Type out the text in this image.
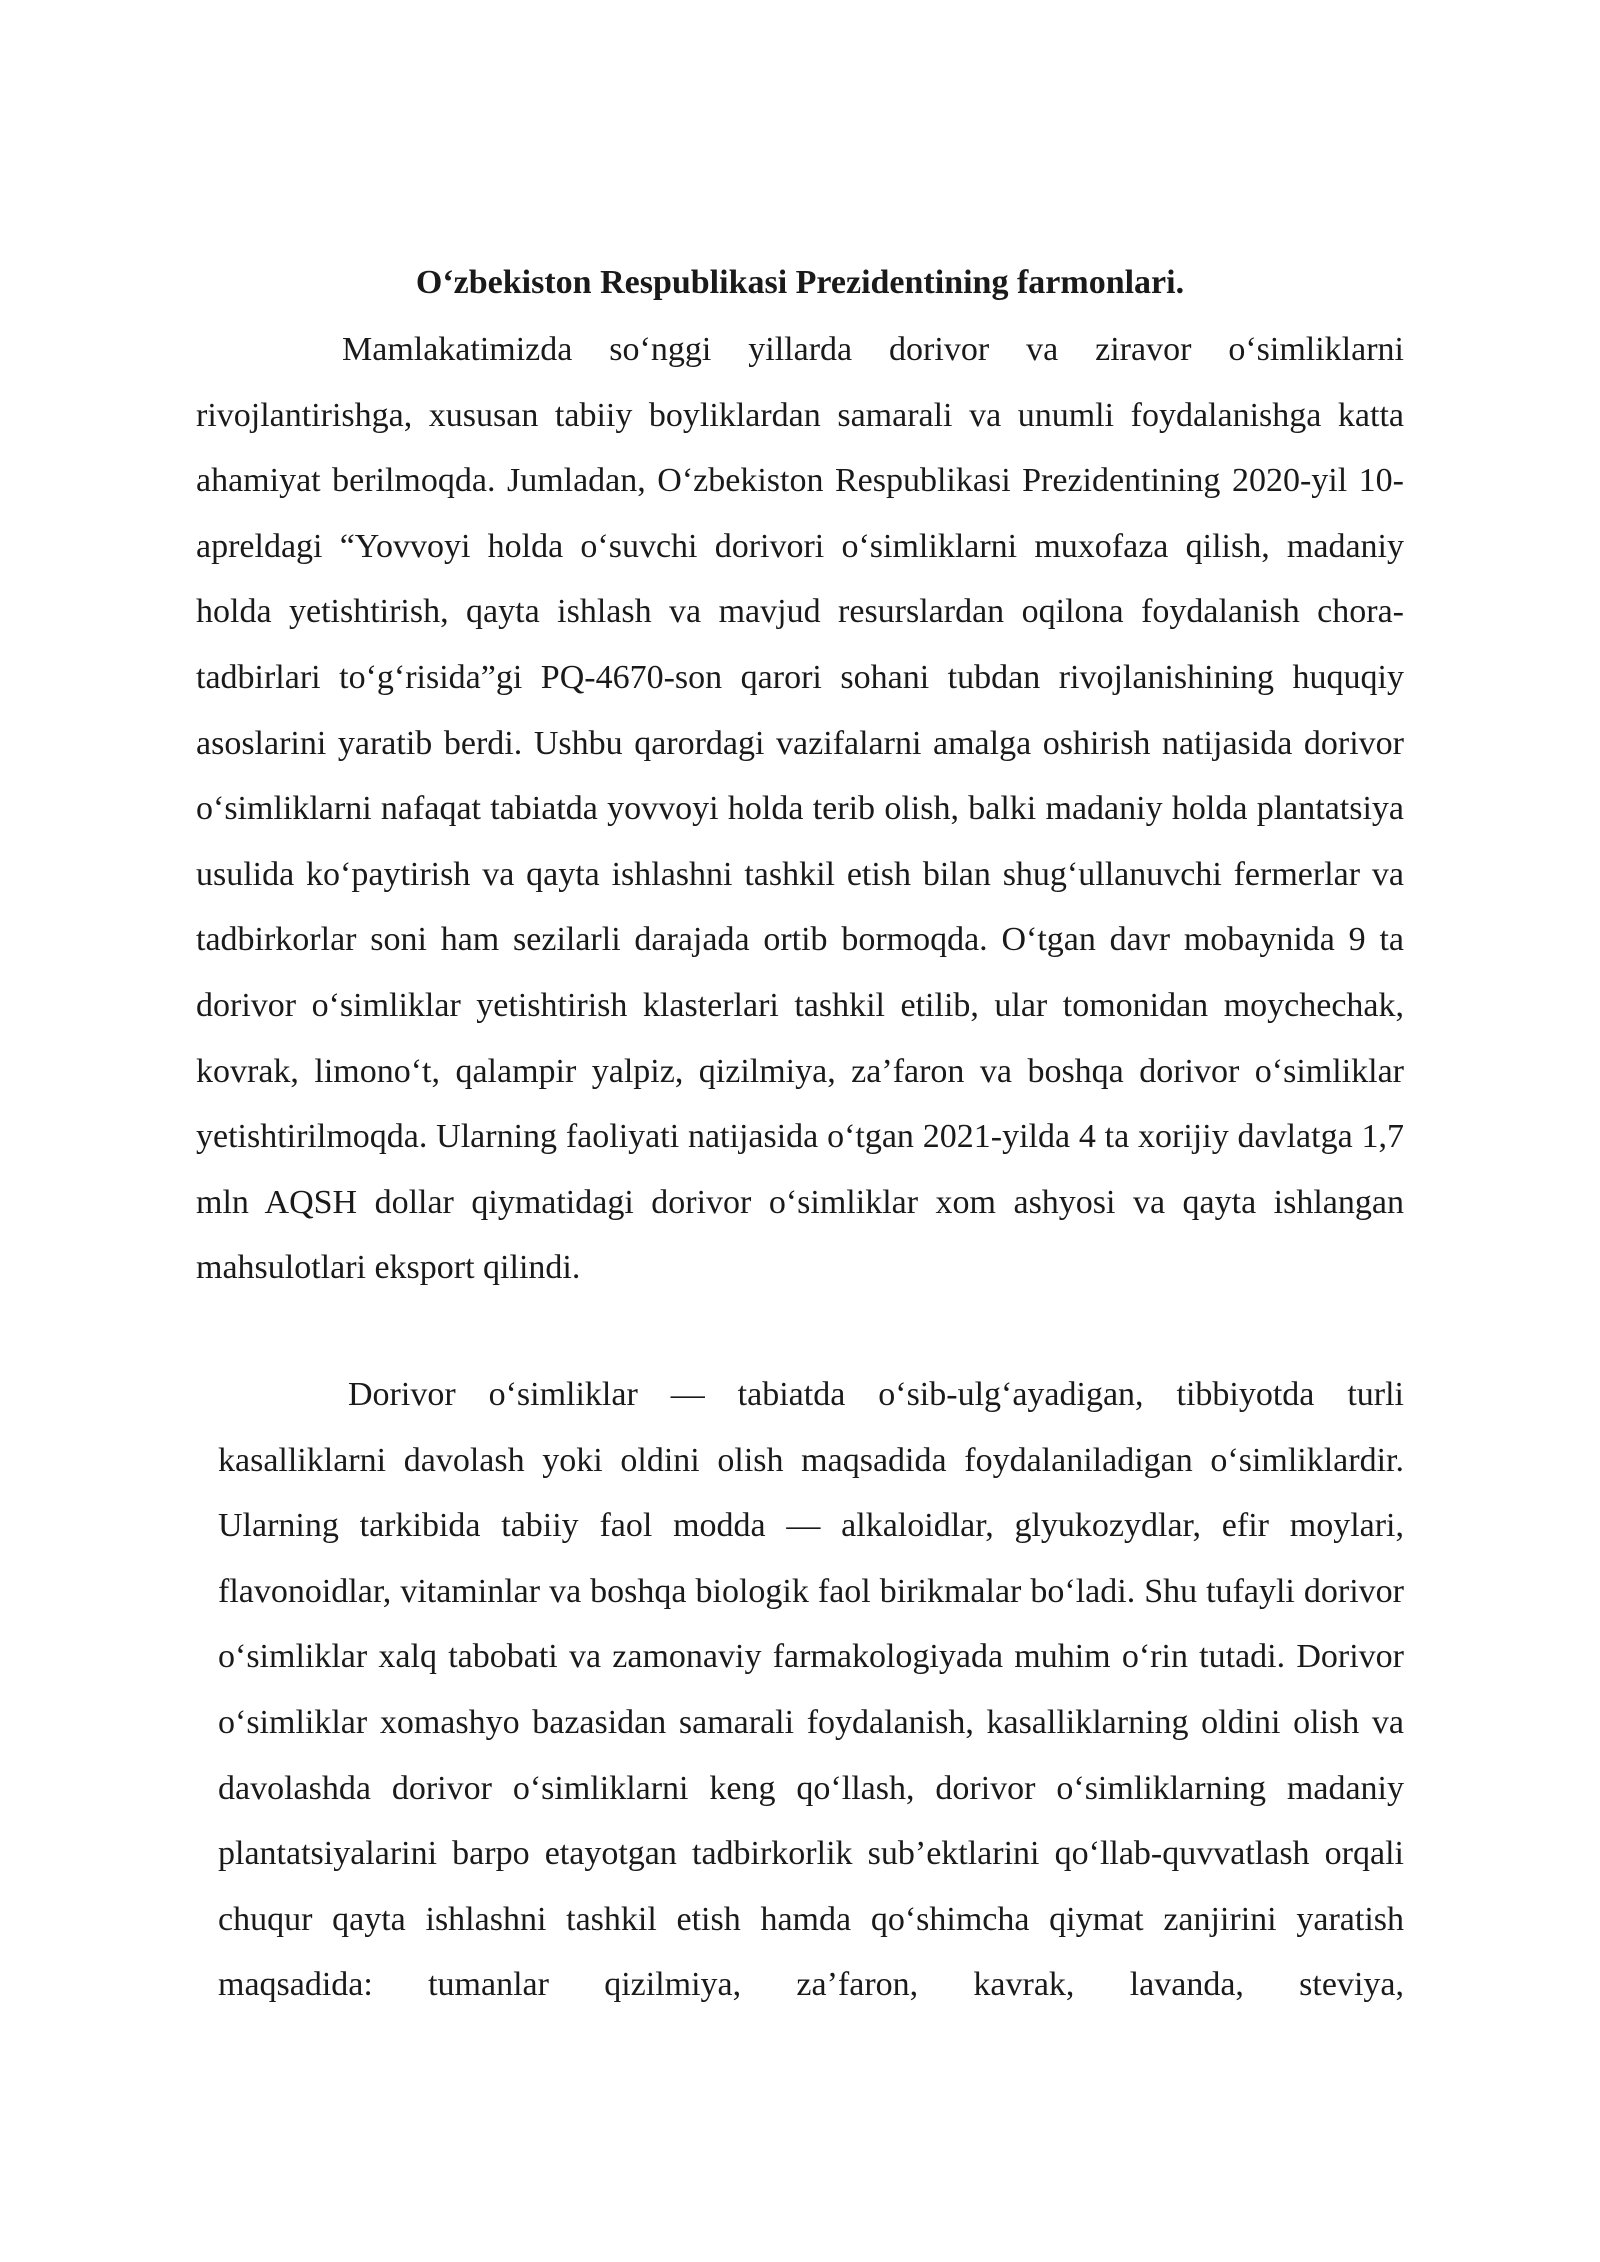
O‘zbekiston Respublikasi Prezidentining farmonlari.

Mamlakatimizda so‘nggi yillarda dorivor va ziravor o‘simliklarni rivojlantirishga, xususan tabiiy boyliklardan samarali va unumli foydalanishga katta ahamiyat berilmoqda. Jumladan, O‘zbekiston Respublikasi Prezidentining 2020-yil 10-apreldagi “Yovvoyi holda o‘suvchi dorivori o‘simliklarni muxofaza qilish, madaniy holda yetishtirish, qayta ishlash va mavjud resurslardan oqilona foydalanish chora-tadbirlari to‘g‘risida”gi PQ-4670-son qarori sohani tubdan rivojlanishining huquqiy asoslarini yaratib berdi. Ushbu qarordagi vazifalarni amalga oshirish natijasida dorivor o‘simliklarni nafaqat tabiatda yovvoyi holda terib olish, balki madaniy holda plantatsiya usulida ko‘paytirish va qayta ishlashni tashkil etish bilan shug‘ullanuvchi fermerlar va tadbirkorlar soni ham sezilarli darajada ortib bormoqda. O‘tgan davr mobaynida 9 ta dorivor o‘simliklar yetishtirish klasterlari tashkil etilib, ular tomonidan moychechak, kovrak, limono‘t, qalampir yalpiz, qizilmiya, za’faron va boshqa dorivor o‘simliklar yetishtirilmoqda. Ularning faoliyati natijasida o‘tgan 2021-yilda 4 ta xorijiy davlatga 1,7 mln AQSH dollar qiymatidagi dorivor o‘simliklar xom ashyosi va qayta ishlangan mahsulotlari eksport qilindi.

Dorivor o‘simliklar — tabiatda o‘sib-ulg‘ayadigan, tibbiyotda turli kasalliklarni davolash yoki oldini olish maqsadida foydalaniladigan o‘simliklardir. Ularning tarkibida tabiiy faol modda — alkaloidlar, glyukozydlar, efir moylari, flavonoidlar, vitaminlar va boshqa biologik faol birikmalar bo‘ladi. Shu tufayli dorivor o‘simliklar xalq tabobati va zamonaviy farmakologiyada muhim o‘rin tutadi. Dorivor o‘simliklar xomashyo bazasidan samarali foydalanish, kasalliklarning oldini olish va davolashda dorivor o‘simliklarni keng qo‘llash, dorivor o‘simliklarning madaniy plantatsiyalarini barpo etayotgan tadbirkorlik sub’ektlarini qo‘llab-quvvatlash orqali chuqur qayta ishlashni tashkil etish hamda qo‘shimcha qiymat zanjirini yaratish maqsadida: tumanlar qizilmiya, za’faron, kavrak, lavanda, steviya,
